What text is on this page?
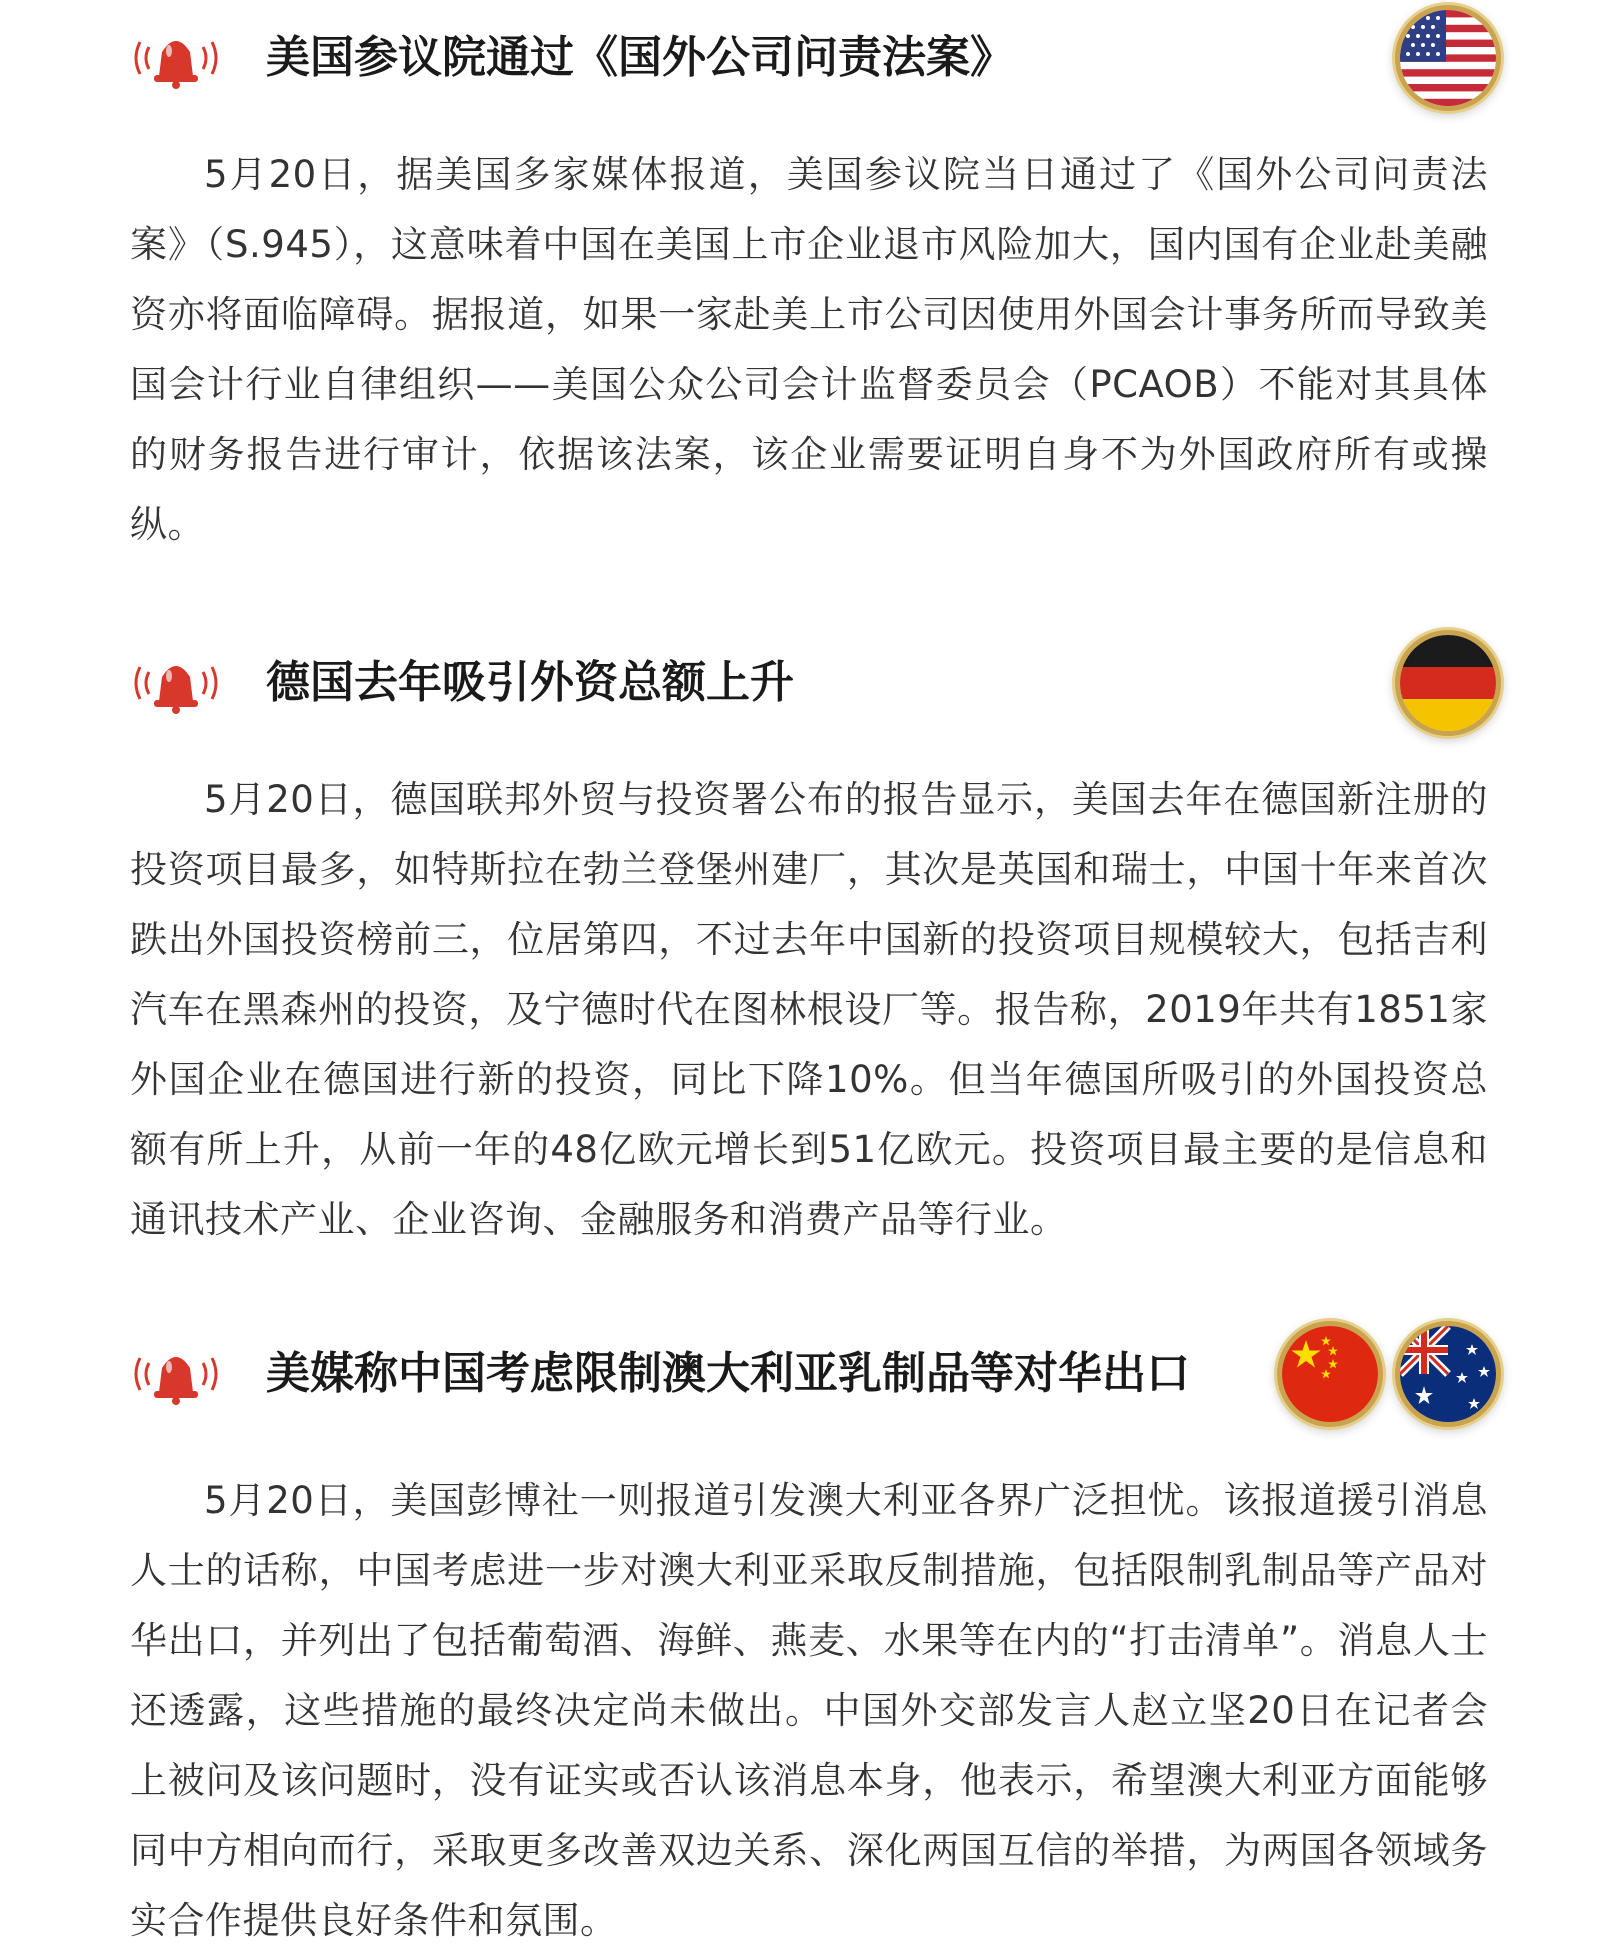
美国参议院通过《国外公司问责法案》
5月20日，据美国多家媒体报道，美国参议院当日通过了《国外公司问责法案》（S.945），这意味着中国在美国上市企业退市风险加大，国内国有企业赴美融资亦将面临障碍。据报道，如果一家赴美上市公司因使用外国会计事务所而导致美国会计行业自律组织——美国公众公司会计监督委员会（PCAOB）不能对其具体的财务报告进行审计，依据该法案，该企业需要证明自身不为外国政府所有或操纵。
德国去年吸引外资总额上升
5月20日，德国联邦外贸与投资署公布的报告显示，美国去年在德国新注册的投资项目最多，如特斯拉在勃兰登堡州建厂，其次是英国和瑞士，中国十年来首次跌出外国投资榜前三，位居第四，不过去年中国新的投资项目规模较大，包括吉利汽车在黑森州的投资，及宁德时代在图林根设厂等。报告称，2019年共有1851家外国企业在德国进行新的投资，同比下降10%。但当年德国所吸引的外国投资总额有所上升，从前一年的48亿欧元增长到51亿欧元。投资项目最主要的是信息和通讯技术产业、企业咨询、金融服务和消费产品等行业。
美媒称中国考虑限制澳大利亚乳制品等对华出口
5月20日，美国彭博社一则报道引发澳大利亚各界广泛担忧。该报道援引消息人士的话称，中国考虑进一步对澳大利亚采取反制措施，包括限制乳制品等产品对华出口，并列出了包括葡萄酒、海鲜、燕麦、水果等在内的“打击清单”。消息人士还透露，这些措施的最终决定尚未做出。中国外交部发言人赵立坚20日在记者会上被问及该问题时，没有证实或否认该消息本身，他表示，希望澳大利亚方面能够同中方相向而行，采取更多改善双边关系、深化两国互信的举措，为两国各领域务实合作提供良好条件和氛围。
